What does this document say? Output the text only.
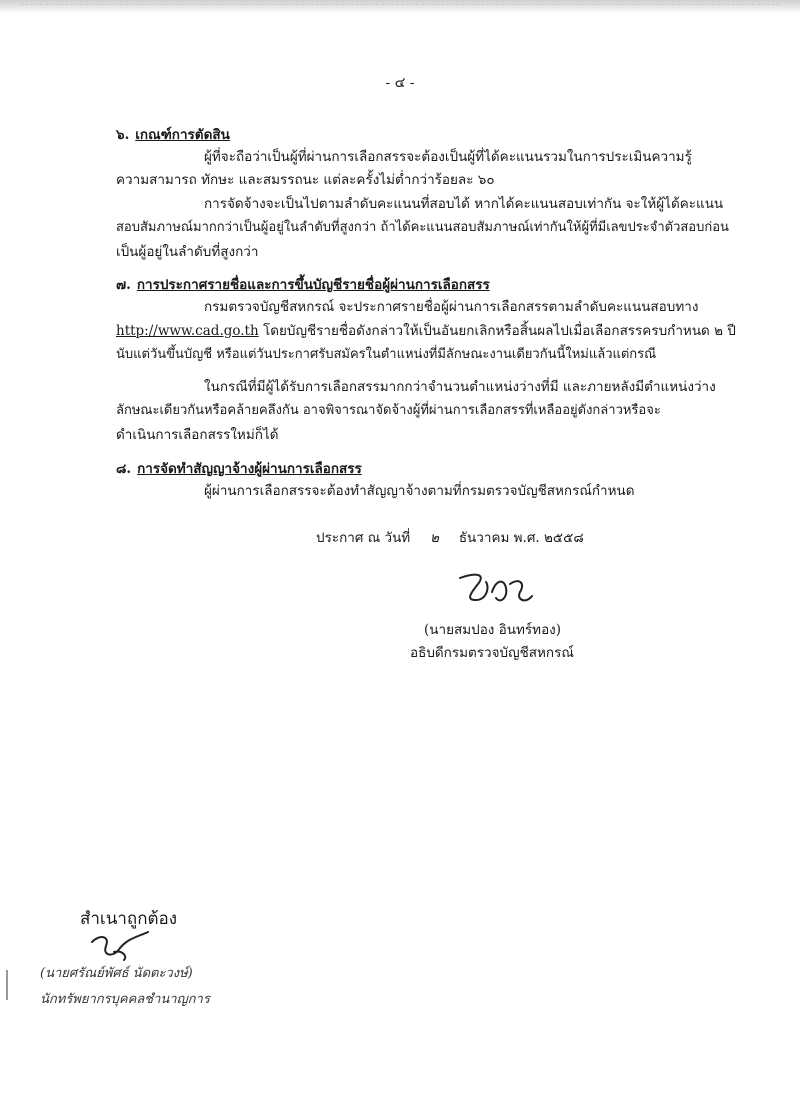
- ๔ -
๖. เกณฑ์การตัดสิน
ผู้ที่จะถือว่าเป็นผู้ที่ผ่านการเลือกสรรจะต้องเป็นผู้ที่ได้คะแนนรวมในการประเมินความรู้
ความสามารถ ทักษะ และสมรรถนะ แต่ละครั้งไม่ต่ำกว่าร้อยละ ๖๐
การจัดจ้างจะเป็นไปตามลำดับคะแนนที่สอบได้ หากได้คะแนนสอบเท่ากัน จะให้ผู้ได้คะแนน
สอบสัมภาษณ์มากกว่าเป็นผู้อยู่ในลำดับที่สูงกว่า ถ้าได้คะแนนสอบสัมภาษณ์เท่ากันให้ผู้ที่มีเลขประจำตัวสอบก่อน
เป็นผู้อยู่ในลำดับที่สูงกว่า
๗. การประกาศรายชื่อและการขึ้นบัญชีรายชื่อผู้ผ่านการเลือกสรร
กรมตรวจบัญชีสหกรณ์ จะประกาศรายชื่อผู้ผ่านการเลือกสรรตามลำดับคะแนนสอบทาง
http://www.cad.go.th โดยบัญชีรายชื่อดังกล่าวให้เป็นอันยกเลิกหรือสิ้นผลไปเมื่อเลือกสรรครบกำหนด ๒ ปี
นับแต่วันขึ้นบัญชี หรือแต่วันประกาศรับสมัครในตำแหน่งที่มีลักษณะงานเดียวกันนี้ใหม่แล้วแต่กรณี
ในกรณีที่มีผู้ได้รับการเลือกสรรมากกว่าจำนวนตำแหน่งว่างที่มี และภายหลังมีตำแหน่งว่าง
ลักษณะเดียวกันหรือคล้ายคลึงกัน อาจพิจารณาจัดจ้างผู้ที่ผ่านการเลือกสรรที่เหลืออยู่ดังกล่าวหรือจะ
ดำเนินการเลือกสรรใหม่ก็ได้
๘. การจัดทำสัญญาจ้างผู้ผ่านการเลือกสรร
ผู้ผ่านการเลือกสรรจะต้องทำสัญญาจ้างตามที่กรมตรวจบัญชีสหกรณ์กำหนด
ประกาศ ณ วันที่ ๒ ธันวาคม พ.ศ. ๒๕๕๘
(นายสมปอง อินทร์ทอง)
อธิบดีกรมตรวจบัญชีสหกรณ์
สำเนาถูกต้อง
(นายศรัณย์พัศธ์ นัดตะวงษ์)
นักทรัพยากรบุคคลชำนาญการ
